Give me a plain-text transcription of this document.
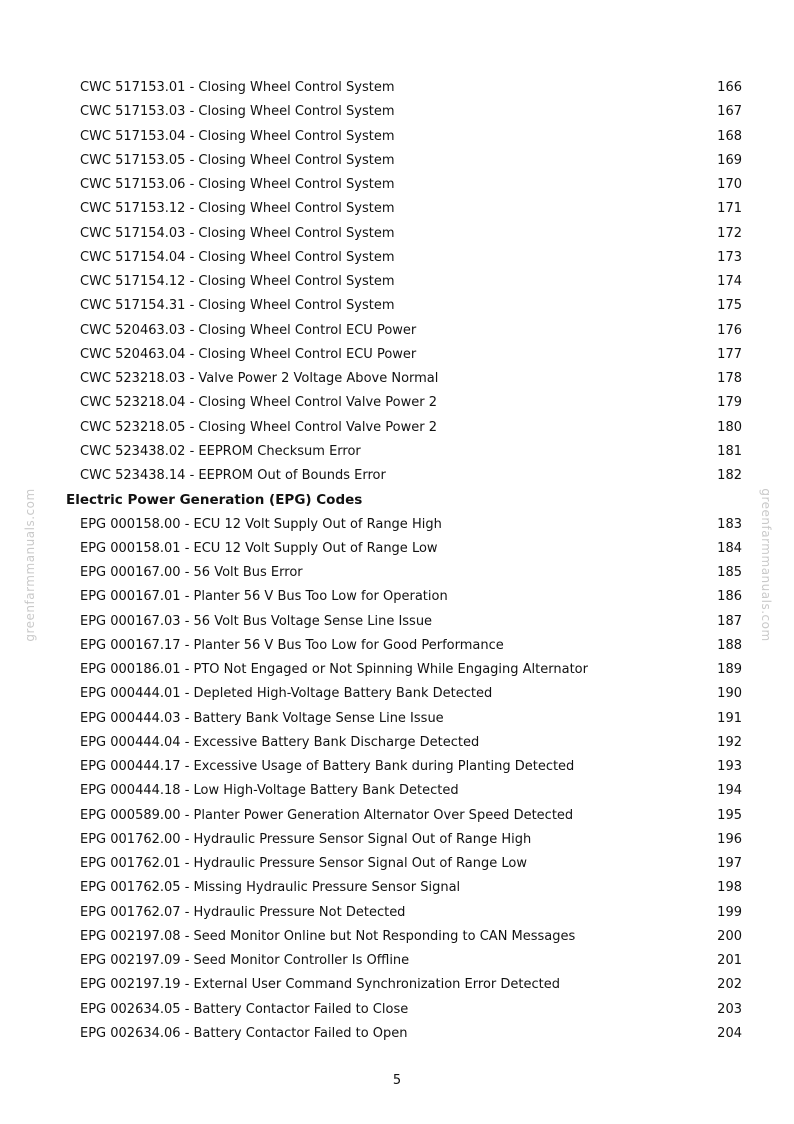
greenfarmmanuals.com	greenfarmmanuals.com
CWC 517153.01 - Closing Wheel Control System	166
CWC 517153.03 - Closing Wheel Control System	167
CWC 517153.04 - Closing Wheel Control System	168
CWC 517153.05 - Closing Wheel Control System	169
CWC 517153.06 - Closing Wheel Control System	170
CWC 517153.12 - Closing Wheel Control System	171
CWC 517154.03 - Closing Wheel Control System	172
CWC 517154.04 - Closing Wheel Control System	173
CWC 517154.12 - Closing Wheel Control System	174
CWC 517154.31 - Closing Wheel Control System	175
CWC 520463.03 - Closing Wheel Control ECU Power	176
CWC 520463.04 - Closing Wheel Control ECU Power	177
CWC 523218.03 - Valve Power 2 Voltage Above Normal	178
CWC 523218.04 - Closing Wheel Control Valve Power 2	179
CWC 523218.05 - Closing Wheel Control Valve Power 2	180
CWC 523438.02 - EEPROM Checksum Error	181
CWC 523438.14 - EEPROM Out of Bounds Error	182
Electric Power Generation (EPG) Codes
EPG 000158.00 - ECU 12 Volt Supply Out of Range High	183
EPG 000158.01 - ECU 12 Volt Supply Out of Range Low	184
EPG 000167.00 - 56 Volt Bus Error	185
EPG 000167.01 - Planter 56 V Bus Too Low for Operation	186
EPG 000167.03 - 56 Volt Bus Voltage Sense Line Issue	187
EPG 000167.17 - Planter 56 V Bus Too Low for Good Performance	188
EPG 000186.01 - PTO Not Engaged or Not Spinning While Engaging Alternator	189
EPG 000444.01 - Depleted High-Voltage Battery Bank Detected	190
EPG 000444.03 - Battery Bank Voltage Sense Line Issue	191
EPG 000444.04 - Excessive Battery Bank Discharge Detected	192
EPG 000444.17 - Excessive Usage of Battery Bank during Planting Detected	193
EPG 000444.18 - Low High-Voltage Battery Bank Detected	194
EPG 000589.00 - Planter Power Generation Alternator Over Speed Detected	195
EPG 001762.00 - Hydraulic Pressure Sensor Signal Out of Range High	196
EPG 001762.01 - Hydraulic Pressure Sensor Signal Out of Range Low	197
EPG 001762.05 - Missing Hydraulic Pressure Sensor Signal	198
EPG 001762.07 - Hydraulic Pressure Not Detected	199
EPG 002197.08 - Seed Monitor Online but Not Responding to CAN Messages	200
EPG 002197.09 - Seed Monitor Controller Is Offline	201
EPG 002197.19 - External User Command Synchronization Error Detected	202
EPG 002634.05 - Battery Contactor Failed to Close	203
EPG 002634.06 - Battery Contactor Failed to Open	204
5
